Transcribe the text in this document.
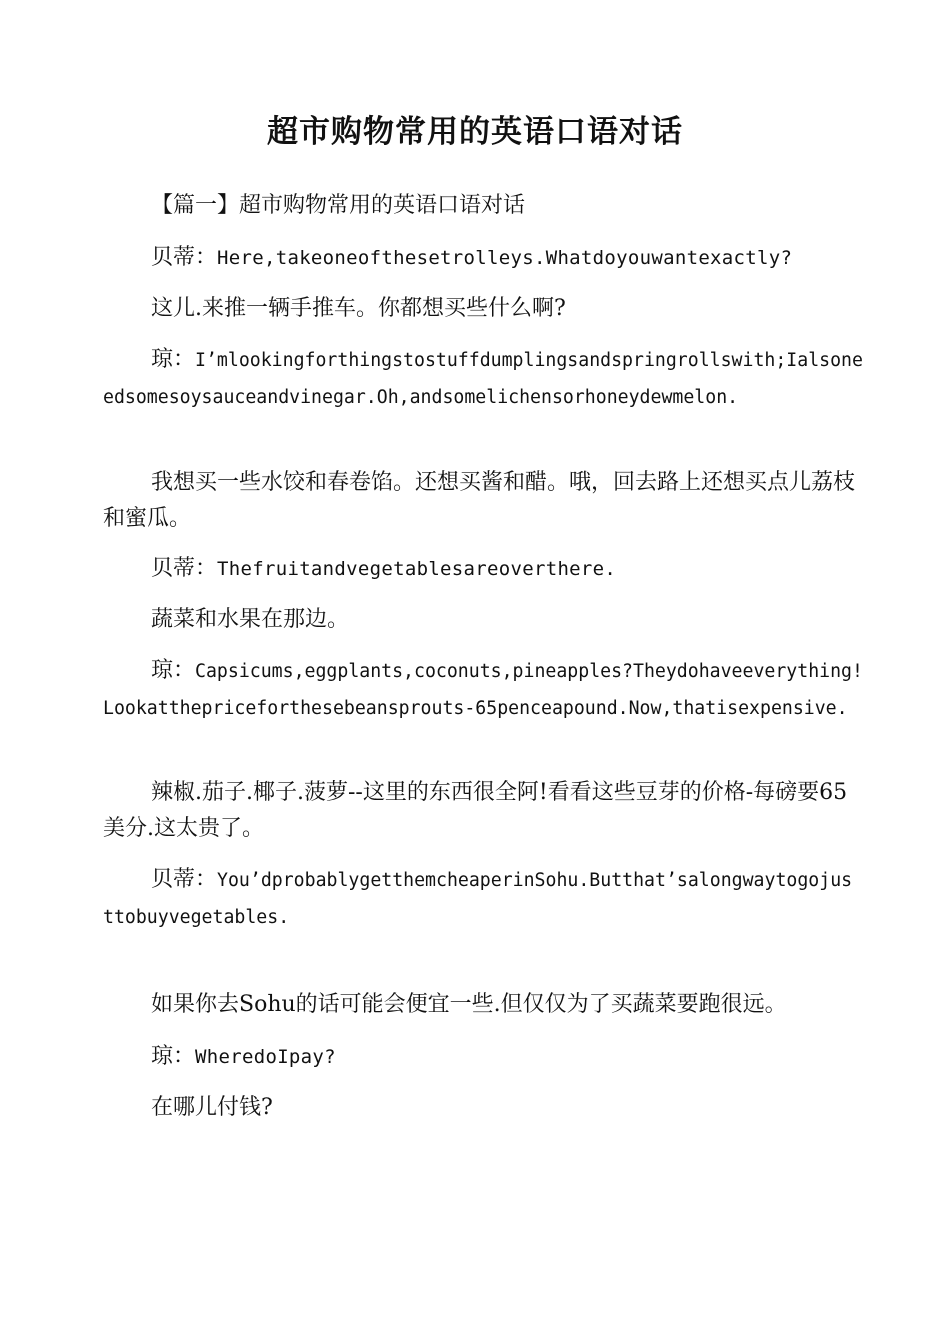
超市购物常用的英语口语对话

【篇一】超市购物常用的英语口语对话

贝蒂：Here,takeoneofthesetrolleys.Whatdoyouwantexactly?

这儿.来推一辆手推车。你都想买些什么啊?

琼：I’mlookingforthingstostuffdumplingsandspringrollswith;Ialsoneedsomesoysauceandvinegar.Oh,andsomelichensorhoneydewmelon.

我想买一些水饺和春卷馅。还想买酱和醋。哦，回去路上还想买点儿荔枝和蜜瓜。

贝蒂：Thefruitandvegetablesareoverthere.

蔬菜和水果在那边。

琼：Capsicums,eggplants,coconuts,pineapples?Theydohaveeverything!Lookatthepriceforthesebeansprouts-65penceapound.Now,thatisexpensive.

辣椒.茄子.椰子.菠萝--这里的东西很全阿!看看这些豆芽的价格-每磅要65美分.这太贵了。

贝蒂：You’dprobablygetthemcheaperinSohu.Butthat’salongwaytogojusttobuyvegetables.

如果你去Sohu的话可能会便宜一些.但仅仅为了买蔬菜要跑很远。

琼：WheredoIpay?

在哪儿付钱?
